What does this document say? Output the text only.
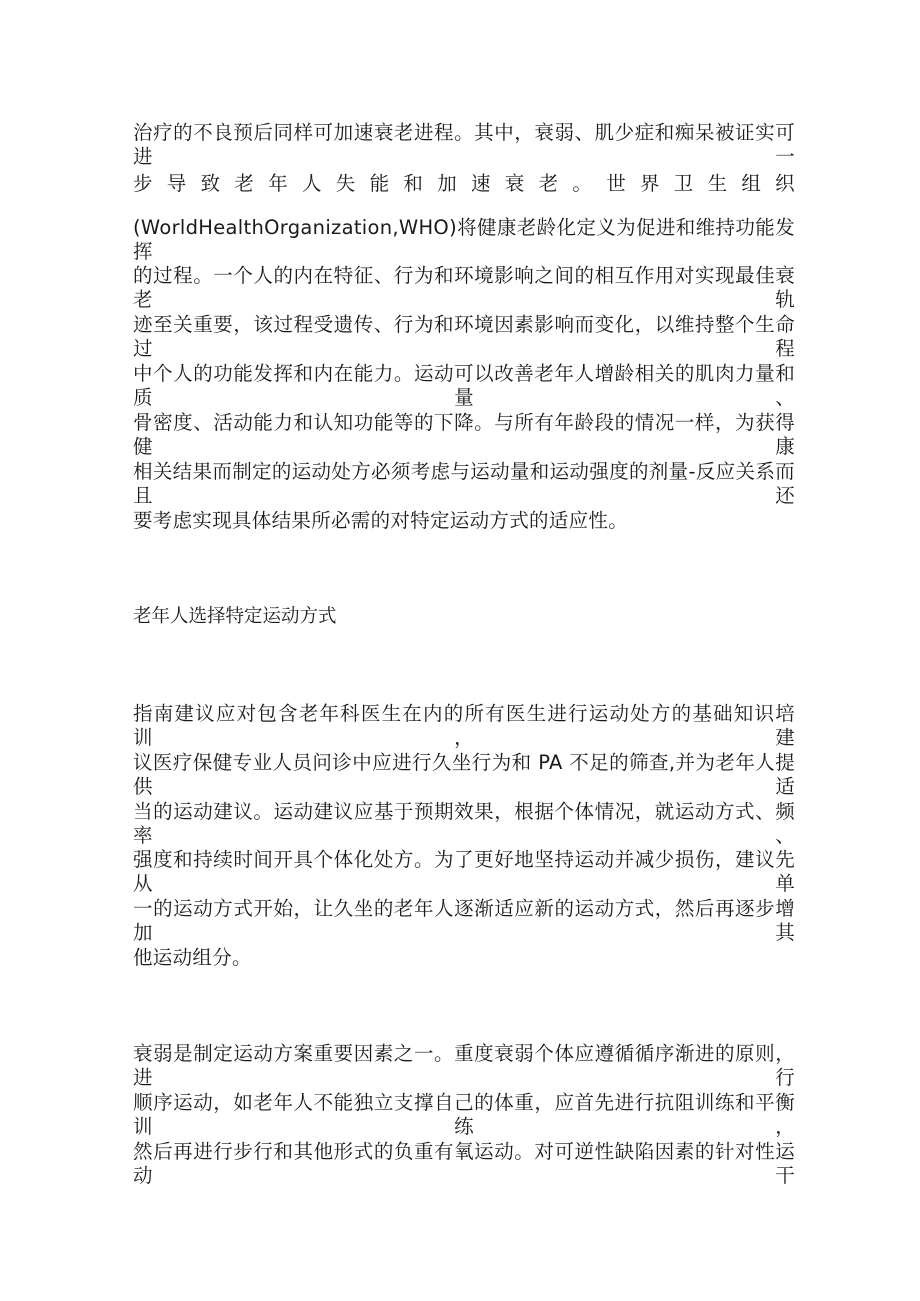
治疗的不良预后同样可加速衰老进程。其中，衰弱、肌少症和痴呆被证实可进一
步 导 致 老 年 人 失 能 和 加 速 衰 老 。 世 界 卫 生 组 织
(WorldHealthOrganization,WHO)将健康老龄化定义为促进和维持功能发挥
的过程。一个人的内在特征、行为和环境影响之间的相互作用对实现最佳衰老轨
迹至关重要，该过程受遗传、行为和环境因素影响而变化，以维持整个生命过程
中个人的功能发挥和内在能力。运动可以改善老年人增龄相关的肌肉力量和质量、
骨密度、活动能力和认知功能等的下降。与所有年龄段的情况一样，为获得健康
相关结果而制定的运动处方必须考虑与运动量和运动强度的剂量-反应关系而且还
要考虑实现具体结果所必需的对特定运动方式的适应性。
老年人选择特定运动方式
指南建议应对包含老年科医生在内的所有医生进行运动处方的基础知识培训，建
议医疗保健专业人员问诊中应进行久坐行为和 PA 不足的筛查,并为老年人提供适
当的运动建议。运动建议应基于预期效果，根据个体情况，就运动方式、频率、
强度和持续时间开具个体化处方。为了更好地坚持运动并减少损伤，建议先从单
一的运动方式开始，让久坐的老年人逐渐适应新的运动方式，然后再逐步增加其
他运动组分。
衰弱是制定运动方案重要因素之一。重度衰弱个体应遵循循序渐进的原则，进行
顺序运动，如老年人不能独立支撑自己的体重，应首先进行抗阻训练和平衡训练，
然后再进行步行和其他形式的负重有氧运动。对可逆性缺陷因素的针对性运动干
